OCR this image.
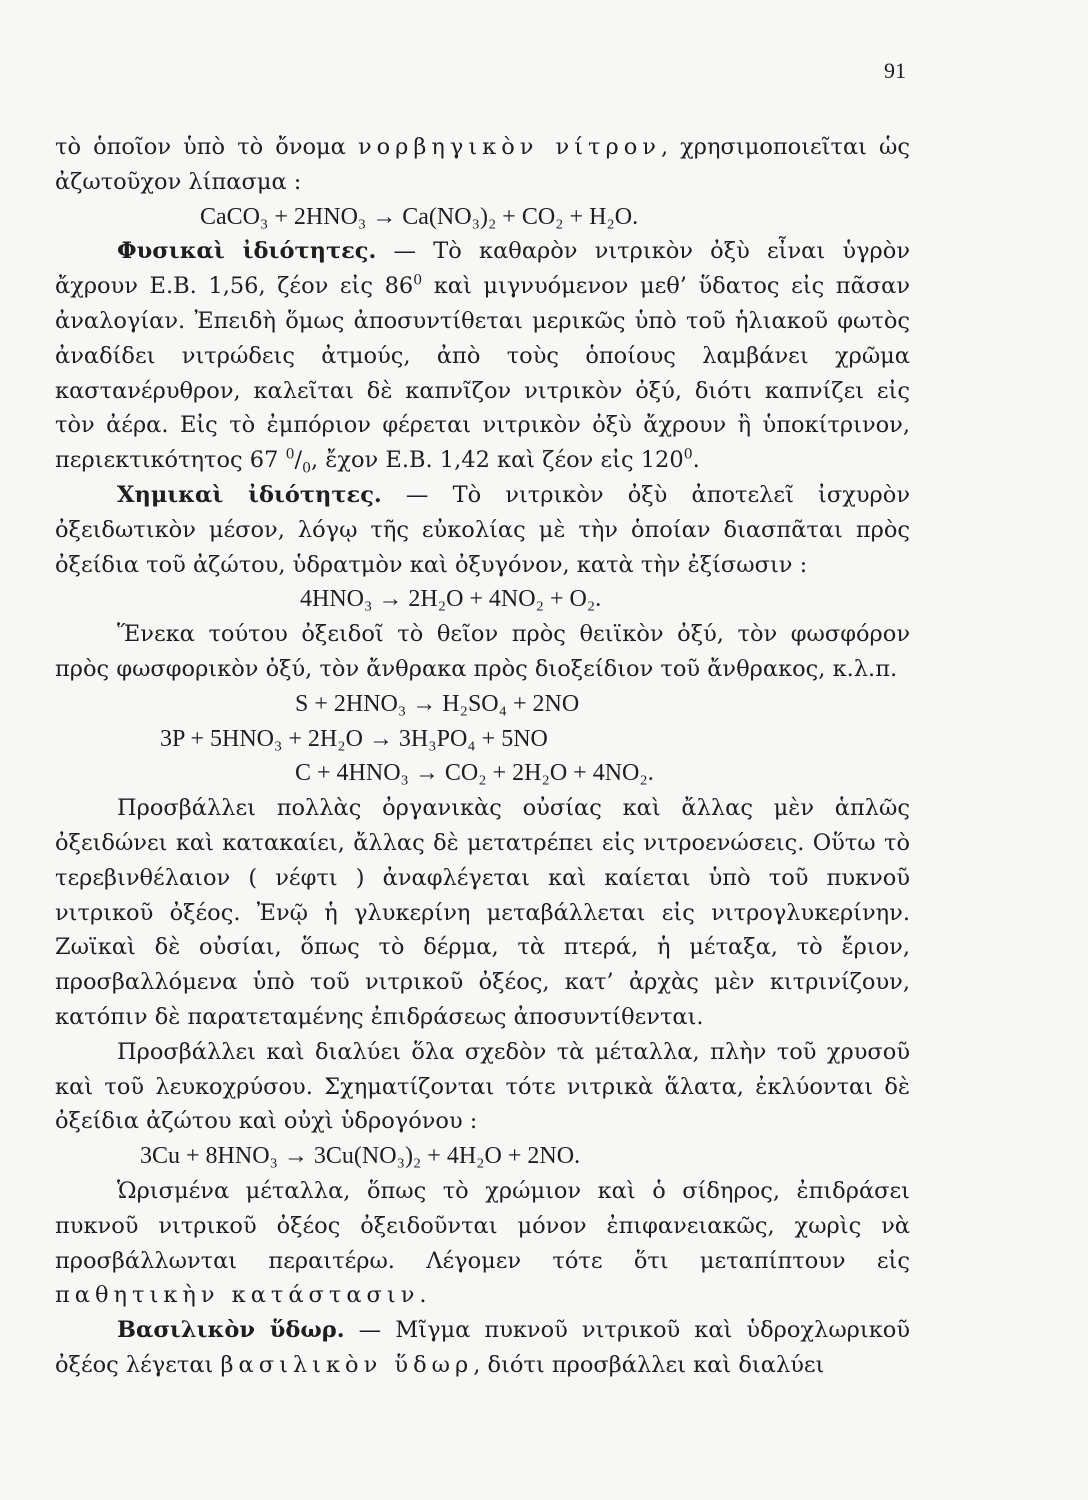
91

τὸ ὁποῖον ὑπὸ τὸ ὄνομα νορβηγικὸν νίτρον, χρησιμοποιεῖται ὡς ἀζωτοῦχον λίπασμα :

CaCO₃ + 2HNO₃ → Ca(NO₃)₂ + CO₂ + H₂O.

Φυσικαὶ ἰδιότητες. — Τὸ καθαρὸν νιτρικὸν ὀξὺ εἶναι ὑγρὸν ἄχρουν Ε.Β. 1,56, ζέον εἰς $86^0$ καὶ μιγνυόμενον μεθ’ ὕδατος εἰς πᾶσαν ἀναλογίαν. Ἐπειδὴ ὅμως ἀποσυντίθεται μερικῶς ὑπὸ τοῦ ἡλιακοῦ φωτὸς ἀναδίδει νιτρώδεις ἀτμούς, ἀπὸ τοὺς ὁποίους λαμβάνει χρῶμα καστανέρυθρον, καλεῖται δὲ καπνῖζον νιτρικὸν ὀξύ, διότι καπνίζει εἰς τὸν ἀέρα. Εἰς τὸ ἐμπόριον φέρεται νιτρικὸν ὀξὺ ἄχρουν ἢ ὑποκίτρινον, περιεκτικότητος 67 $^0/_0$, ἔχον Ε.Β. 1,42 καὶ ζέον εἰς $120^0$.

Χημικαὶ ἰδιότητες. — Τὸ νιτρικὸν ὀξὺ ἀποτελεῖ ἰσχυρὸν ὀξειδωτικὸν μέσον, λόγῳ τῆς εὐκολίας μὲ τὴν ὁποίαν διασπᾶται πρὸς ὀξείδια τοῦ ἀζώτου, ὑδρατμὸν καὶ ὀξυγόνον, κατὰ τὴν ἐξίσωσιν :

4HNO₃ → 2H₂O + 4NO₂ + O₂.

Ἕνεκα τούτου ὀξειδοῖ τὸ θεῖον πρὸς θειϊκὸν ὀξύ, τὸν φωσφόρον πρὸς φωσφορικὸν ὀξύ, τὸν ἄνθρακα πρὸς διοξείδιον τοῦ ἄνθρακος, κ.λ.π.

S + 2HNO₃ → H₂SO₄ + 2NO

3P + 5HNO₃ + 2H₂O → 3H₃PO₄ + 5NO

C + 4HNO₃ → CO₂ + 2H₂O + 4NO₂.

Προσβάλλει πολλὰς ὀργανικὰς οὐσίας καὶ ἄλλας μὲν ἁπλῶς ὀξειδώνει καὶ κατακαίει, ἄλλας δὲ μετατρέπει εἰς νιτροενώσεις. Οὕτω τὸ τερεβινθέλαιον ( νέφτι ) ἀναφλέγεται καὶ καίεται ὑπὸ τοῦ πυκνοῦ νιτρικοῦ ὀξέος. Ἐνῷ ἡ γλυκερίνη μεταβάλλεται εἰς νιτρογλυκερίνην. Ζωϊκαὶ δὲ οὐσίαι, ὅπως τὸ δέρμα, τὰ πτερά, ἡ μέταξα, τὸ ἔριον, προσβαλλόμενα ὑπὸ τοῦ νιτρικοῦ ὀξέος, κατ’ ἀρχὰς μὲν κιτρινίζουν, κατόπιν δὲ παρατεταμένης ἐπιδράσεως ἀποσυντίθενται.

Προσβάλλει καὶ διαλύει ὅλα σχεδὸν τὰ μέταλλα, πλὴν τοῦ χρυσοῦ καὶ τοῦ λευκοχρύσου. Σχηματίζονται τότε νιτρικὰ ἅλατα, ἐκλύονται δὲ ὀξείδια ἀζώτου καὶ οὐχὶ ὑδρογόνου :

3Cu + 8HNO₃ → 3Cu(NO₃)₂ + 4H₂O + 2NO.

Ὡρισμένα μέταλλα, ὅπως τὸ χρώμιον καὶ ὁ σίδηρος, ἐπιδράσει πυκνοῦ νιτρικοῦ ὀξέος ὀξειδοῦνται μόνον ἐπιφανειακῶς, χωρὶς νὰ προσβάλλωνται περαιτέρω. Λέγομεν τότε ὅτι μεταπίπτουν εἰς παθητικὴν κατάστασιν.

Βασιλικὸν ὕδωρ. — Μῖγμα πυκνοῦ νιτρικοῦ καὶ ὑδροχλωρικοῦ ὀξέος λέγεται βασιλικὸν ὕδωρ, διότι προσβάλλει καὶ διαλύει
